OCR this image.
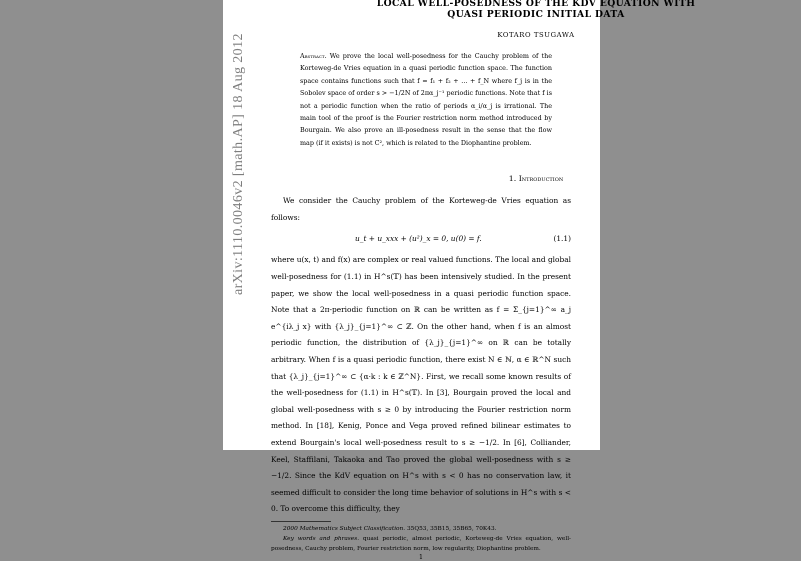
arXiv:1110.0046v2 [math.AP] 18 Aug 2012
LOCAL WELL-POSEDNESS OF THE KDV EQUATION WITH
QUASI PERIODIC INITIAL DATA
KOTARO TSUGAWA
Abstract. We prove the local well-posedness for the Cauchy problem of the Korteweg-de Vries equation in a quasi periodic function space. The function space contains functions such that f = f₁ + f₂ + ... + f_N where f_j is in the Sobolev space of order s > −1/2N of 2πα_j⁻¹ periodic functions. Note that f is not a periodic function when the ratio of periods α_i/α_j is irrational. The main tool of the proof is the Fourier restriction norm method introduced by Bourgain. We also prove an ill-posedness result in the sense that the flow map (if it exists) is not C², which is related to the Diophantine problem.
1. Introduction
We consider the Cauchy problem of the Korteweg-de Vries equation as follows:
u_t + u_xxx + (u²)_x = 0, u(0) = f.	(1.1)
where u(x, t) and f(x) are complex or real valued functions. The local and global well-posedness for (1.1) in H^s(𝕋) has been intensively studied. In the present paper, we show the local well-posedness in a quasi periodic function space. Note that a 2π-periodic function on ℝ can be written as f = Σ_{j=1}^∞ a_j e^{iλ_j x} with {λ_j}_{j=1}^∞ ⊂ ℤ. On the other hand, when f is an almost periodic function, the distribution of {λ_j}_{j=1}^∞ on ℝ can be totally arbitrary. When f is a quasi periodic function, there exist N ∈ ℕ, α ∈ ℝ^N such that {λ_j}_{j=1}^∞ ⊂ {α·k : k ∈ ℤ^N}. First, we recall some known results of the well-posedness for (1.1) in H^s(𝕋). In [3], Bourgain proved the local and global well-posedness with s ≥ 0 by introducing the Fourier restriction norm method. In [18], Kenig, Ponce and Vega proved refined bilinear estimates to extend Bourgain's local well-posedness result to s ≥ −1/2. In [6], Colliander, Keel, Staffilani, Takaoka and Tao proved the global well-posedness with s ≥ −1/2. Since the KdV equation on H^s with s < 0 has no conservation law, it seemed difficult to consider the long time behavior of solutions in H^s with s < 0. To overcome this difficulty, they
2000 Mathematics Subject Classification. 35Q53, 35B15, 35B65, 70K43.
Key words and phrases. quasi periodic, almost periodic, Korteweg-de Vries equation, well-posedness, Cauchy problem, Fourier restriction norm, low regularity, Diophantine problem.
1
